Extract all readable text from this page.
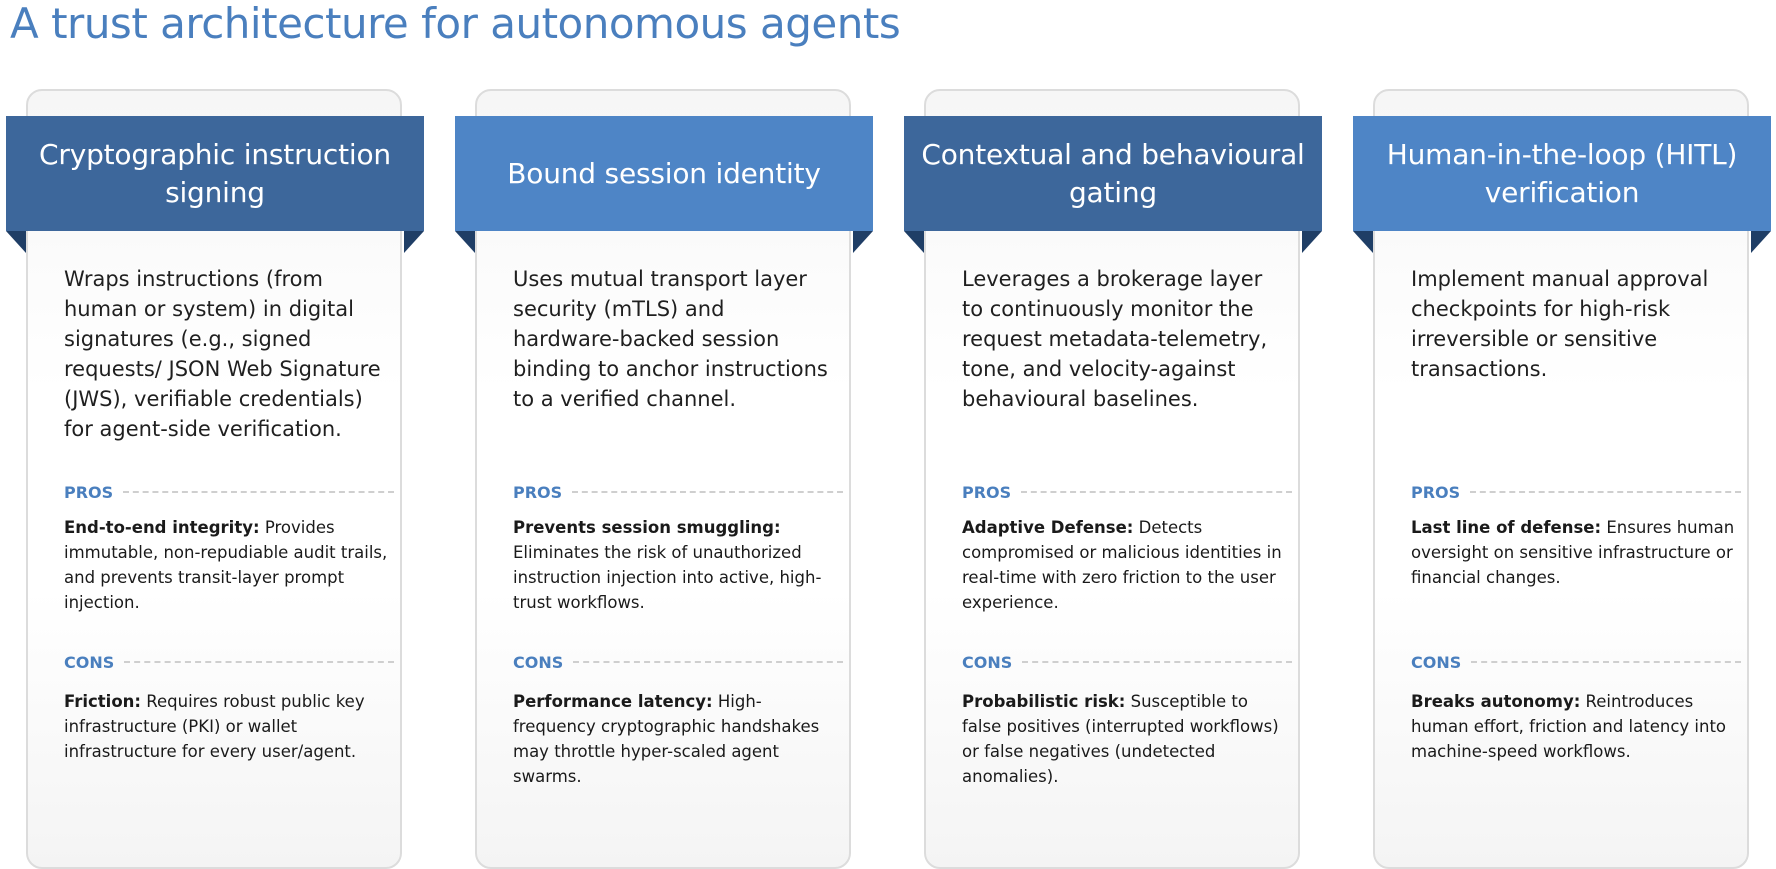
A trust architecture for autonomous agents
Cryptographic instruction signing

Wraps instructions (from human or system) in digital signatures (e.g., signed requests/ JSON Web Signature (JWS), verifiable credentials) for agent-side verification.

PROS

End-to-end integrity: Provides immutable, non-repudiable audit trails, and prevents transit-layer prompt injection.

CONS

Friction: Requires robust public key infrastructure (PKI) or wallet infrastructure for every user/agent.

Bound session identity

Uses mutual transport layer security (mTLS) and hardware-backed session binding to anchor instructions to a verified channel.

PROS

Prevents session smuggling: Eliminates the risk of unauthorized instruction injection into active, high-trust workflows.

CONS

Performance latency: High-frequency cryptographic handshakes may throttle hyper-scaled agent swarms.

Contextual and behavioural gating

Leverages a brokerage layer to continuously monitor the request metadata-telemetry, tone, and velocity-against behavioural baselines.

PROS

Adaptive Defense: Detects compromised or malicious identities in real-time with zero friction to the user experience.

CONS

Probabilistic risk: Susceptible to false positives (interrupted workflows) or false negatives (undetected anomalies).

Human-in-the-loop (HITL) verification

Implement manual approval checkpoints for high-risk irreversible or sensitive transactions.

PROS

Last line of defense: Ensures human oversight on sensitive infrastructure or financial changes.

CONS

Breaks autonomy: Reintroduces human effort, friction and latency into machine-speed workflows.
